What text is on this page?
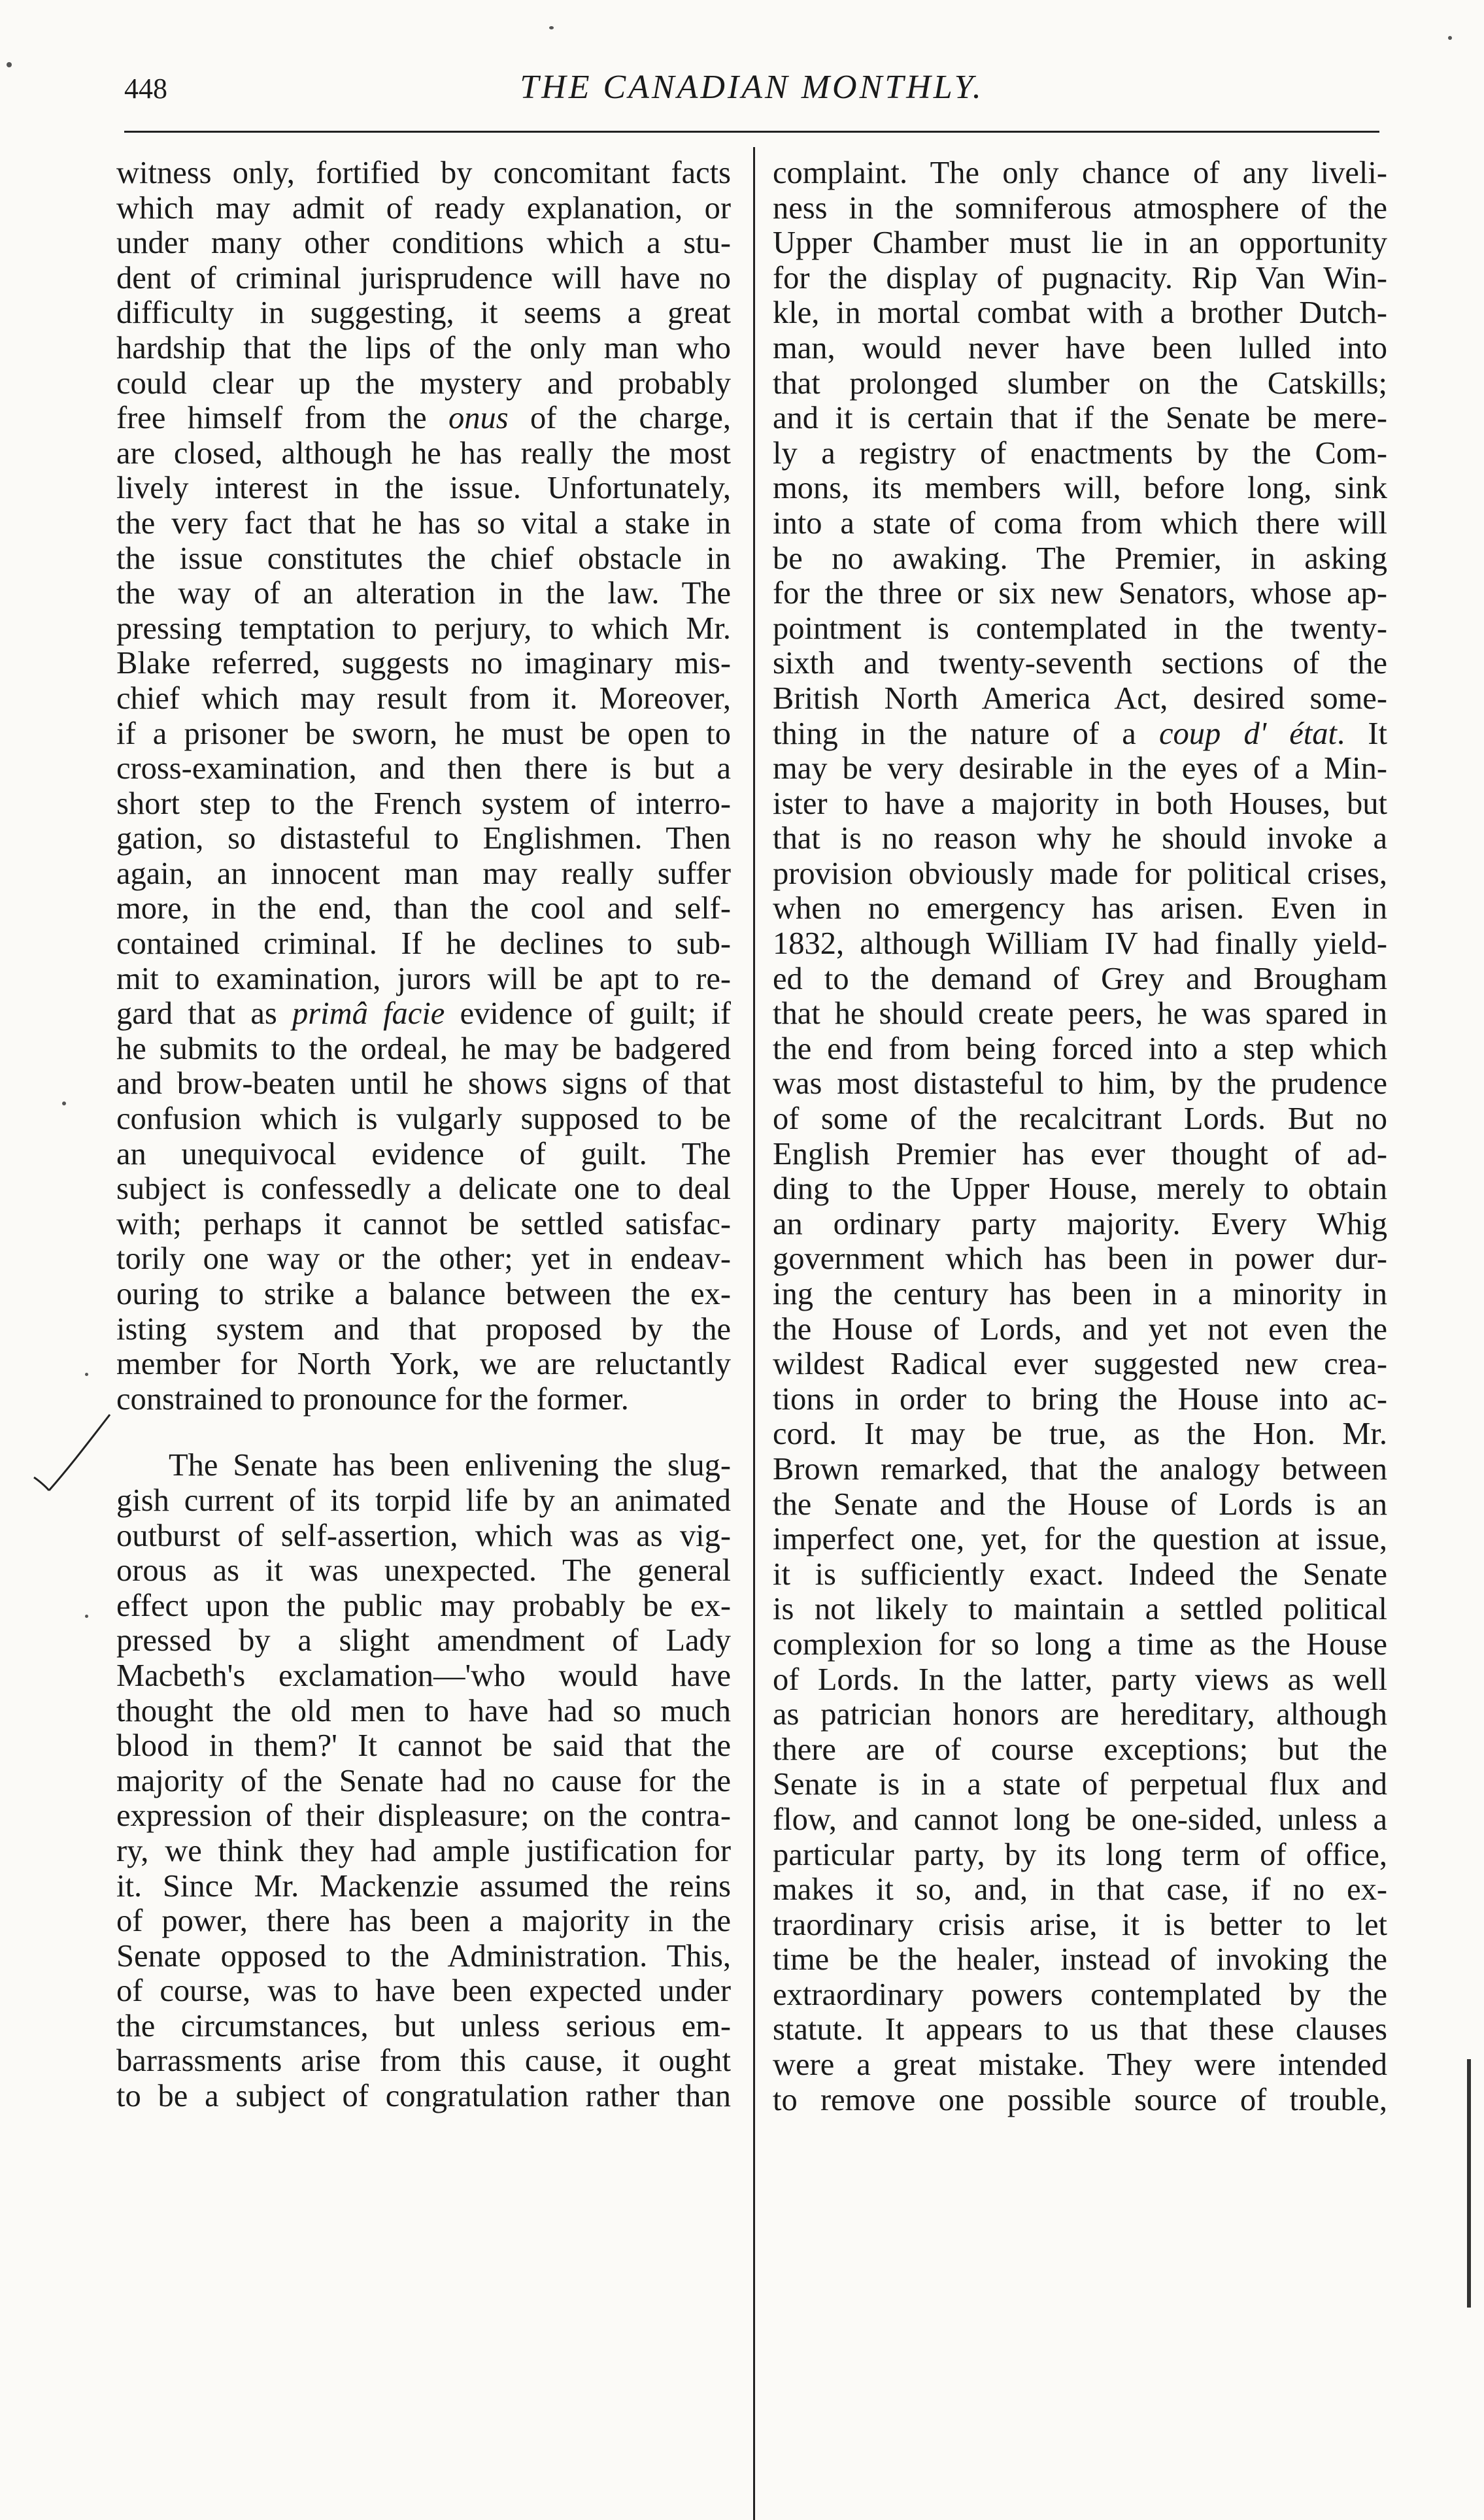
448	THE CANADIAN MONTHLY.
witness only, fortified by concomitant facts
which may admit of ready explanation, or
under many other conditions which a stu-
dent of criminal jurisprudence will have no
difficulty in suggesting, it seems a great
hardship that the lips of the only man who
could clear up the mystery and probably
free himself from the onus of the charge,
are closed, although he has really the most
lively interest in the issue. Unfortunately,
the very fact that he has so vital a stake in
the issue constitutes the chief obstacle in
the way of an alteration in the law. The
pressing temptation to perjury, to which Mr.
Blake referred, suggests no imaginary mis-
chief which may result from it. Moreover,
if a prisoner be sworn, he must be open to
cross-examination, and then there is but a
short step to the French system of interro-
gation, so distasteful to Englishmen. Then
again, an innocent man may really suffer
more, in the end, than the cool and self-
contained criminal. If he declines to sub-
mit to examination, jurors will be apt to re-
gard that as primâ facie evidence of guilt; if
he submits to the ordeal, he may be badgered
and brow-beaten until he shows signs of that
confusion which is vulgarly supposed to be
an unequivocal evidence of guilt. The
subject is confessedly a delicate one to deal
with; perhaps it cannot be settled satisfac-
torily one way or the other; yet in endeav-
ouring to strike a balance between the ex-
isting system and that proposed by the
member for North York, we are reluctantly
constrained to pronounce for the former.
The Senate has been enlivening the slug-
gish current of its torpid life by an animated
outburst of self-assertion, which was as vig-
orous as it was unexpected. The general
effect upon the public may probably be ex-
pressed by a slight amendment of Lady
Macbeth's exclamation—'who would have
thought the old men to have had so much
blood in them?' It cannot be said that the
majority of the Senate had no cause for the
expression of their displeasure; on the contra-
ry, we think they had ample justification for
it. Since Mr. Mackenzie assumed the reins
of power, there has been a majority in the
Senate opposed to the Administration. This,
of course, was to have been expected under
the circumstances, but unless serious em-
barrassments arise from this cause, it ought
to be a subject of congratulation rather than
complaint. The only chance of any liveli-
ness in the somniferous atmosphere of the
Upper Chamber must lie in an opportunity
for the display of pugnacity. Rip Van Win-
kle, in mortal combat with a brother Dutch-
man, would never have been lulled into
that prolonged slumber on the Catskills;
and it is certain that if the Senate be mere-
ly a registry of enactments by the Com-
mons, its members will, before long, sink
into a state of coma from which there will
be no awaking. The Premier, in asking
for the three or six new Senators, whose ap-
pointment is contemplated in the twenty-
sixth and twenty-seventh sections of the
British North America Act, desired some-
thing in the nature of a coup d' état. It
may be very desirable in the eyes of a Min-
ister to have a majority in both Houses, but
that is no reason why he should invoke a
provision obviously made for political crises,
when no emergency has arisen. Even in
1832, although William IV had finally yield-
ed to the demand of Grey and Brougham
that he should create peers, he was spared in
the end from being forced into a step which
was most distasteful to him, by the prudence
of some of the recalcitrant Lords. But no
English Premier has ever thought of ad-
ding to the Upper House, merely to obtain
an ordinary party majority. Every Whig
government which has been in power dur-
ing the century has been in a minority in
the House of Lords, and yet not even the
wildest Radical ever suggested new crea-
tions in order to bring the House into ac-
cord. It may be true, as the Hon. Mr.
Brown remarked, that the analogy between
the Senate and the House of Lords is an
imperfect one, yet, for the question at issue,
it is sufficiently exact. Indeed the Senate
is not likely to maintain a settled political
complexion for so long a time as the House
of Lords. In the latter, party views as well
as patrician honors are hereditary, although
there are of course exceptions; but the
Senate is in a state of perpetual flux and
flow, and cannot long be one-sided, unless a
particular party, by its long term of office,
makes it so, and, in that case, if no ex-
traordinary crisis arise, it is better to let
time be the healer, instead of invoking the
extraordinary powers contemplated by the
statute. It appears to us that these clauses
were a great mistake. They were intended
to remove one possible source of trouble,
